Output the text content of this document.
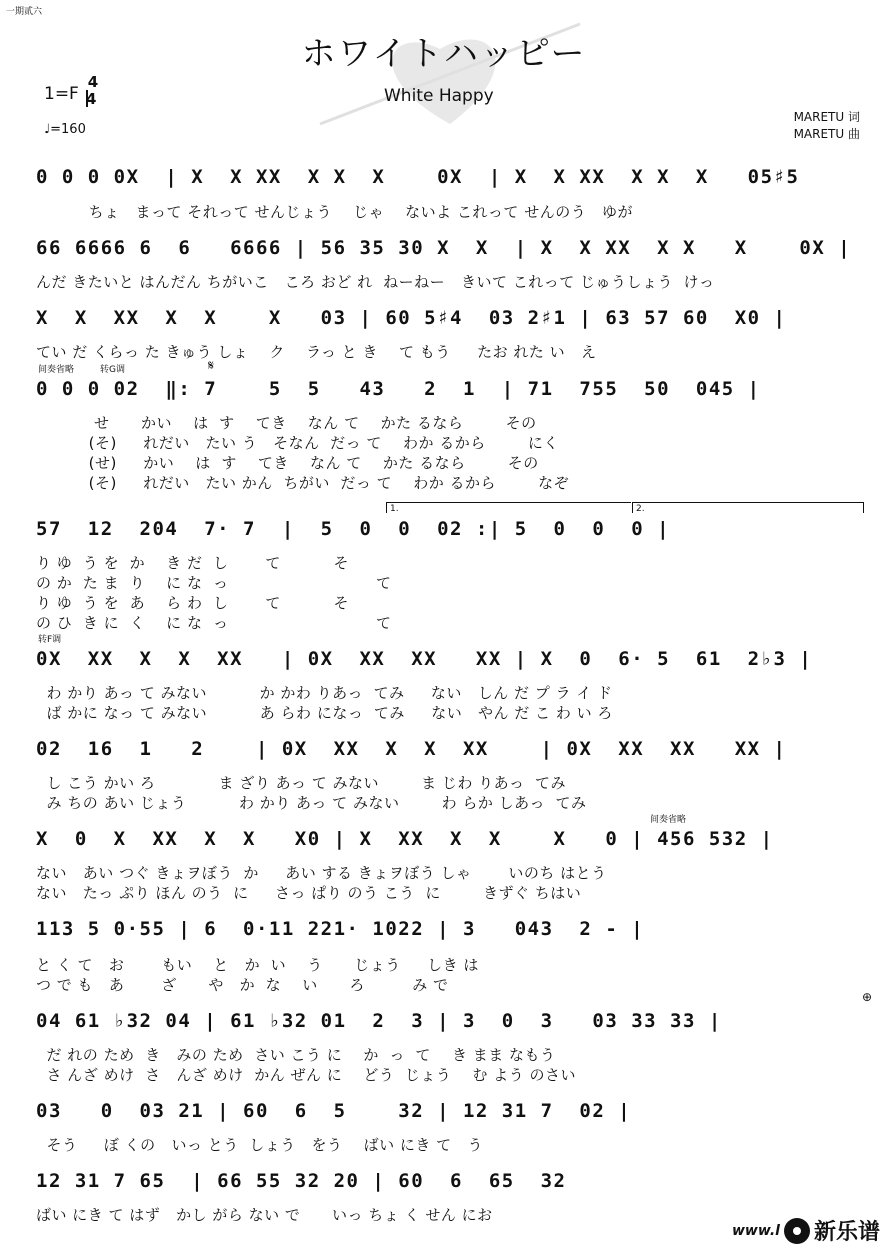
一期贰六
ホワイトハッピー
White Happy
1=F
$\frac{4}{4}$
♩=160
MARETU 词
MARETU 曲
0 0 0 0X  | X  X XX  X X  X    0X  | X  X XX  X X  X   05♯5
ちょ   まって それって せんじょう    じゃ    ないよ これって せんのう   ゆが
66 6666 6  6   6666 | 56 35 30 X  X  | X  X XX  X X   X    0X |
んだ きたいと はんだん ちがいこ   ころ おど れ  ねーねー   きいて これって じゅうしょう  けっ
X  X  XX  X  X    X   03 | 60 5♯4  03 2♯1 | 63 57 60  X0 |
てい だ くらっ た きゅう しょ    ク    ラっ と き    て もう     たお れた い   え
间奏省略	转G调	𝄋
0 0 0 02  ‖: 7    5  5   43   2  1  | 71  755  50  045 |
せ      かい    は  す    てき    なん て    かた るなら        その
(そ)     れだい   たい う   そなん  だっ て    わか るから        にく
(せ)     かい    は  す    てき    なん て    かた るなら        その
(そ)     れだい   たい かん  ちがい  だっ て    わか るから        なぞ
1.	2.
57  12  204  7· 7  |  5  0  0  02 :| 5  0  0  0 |
り ゆ  う を  か    き だ  し       て          そ
の か  た ま  り    に な  っ                            て
り ゆ  う を  あ    ら わ  し       て          そ
の ひ  き に  く    に な  っ                            て
转F调
0X  XX  X  X  XX   | 0X  XX  XX   XX | X  0  6· 5  61  2♭3 |
わ かり あっ て みない          か かわ りあっ  てみ     ない   しん だ プ ラ イ ド
ば かに なっ て みない          あ らわ になっ  てみ     ない   やん だ こ わ い ろ
02  16  1   2    | 0X  XX  X  X  XX    | 0X  XX  XX   XX |
し こう かい ろ            ま ざり あっ て みない        ま じわ りあっ  てみ
み ちの あい じょう          わ かり あっ て みない        わ らか しあっ  てみ
间奏省略
X  0  X  XX  X  X   X0 | X  XX  X  X    X   0 | 456 532 |
ない   あい つぐ きょヲぼう  か     あい する きょヲぼう しゃ       いのち はとう
ない   たっ ぷり ほん のう  に     さっ ぱり のう こう  に        きずぐ ちはい
113 5 0·55 | 6  0·11 221· 1022 | 3   043  2 - |
と く て   お       もい    と   か  い    う      じょう     しき は
つ で も   あ       ざ      や   か  な    い      ろ         み で
⊕
04 61 ♭32 04 | 61 ♭32 01  2  3 | 3  0  3   03 33 33 |
だ れの ため  き   みの ため  さい こう に    か  っ  て    き まま なもう
さ んざ めけ  さ   んざ めけ  かん ぜん に    どう  じょう    む よう のさい
03   0  03 21 | 60  6  5    32 | 12 31 7  02 |
そう     ぼ くの   いっ とう  しょう   をう    ばい にき て   う
12 31 7 65  | 66 55 32 20 | 60  6  65  32
ばい にき て はず   かし がら ない で      いっ ちょ く せん にお
www.l 新乐谱
